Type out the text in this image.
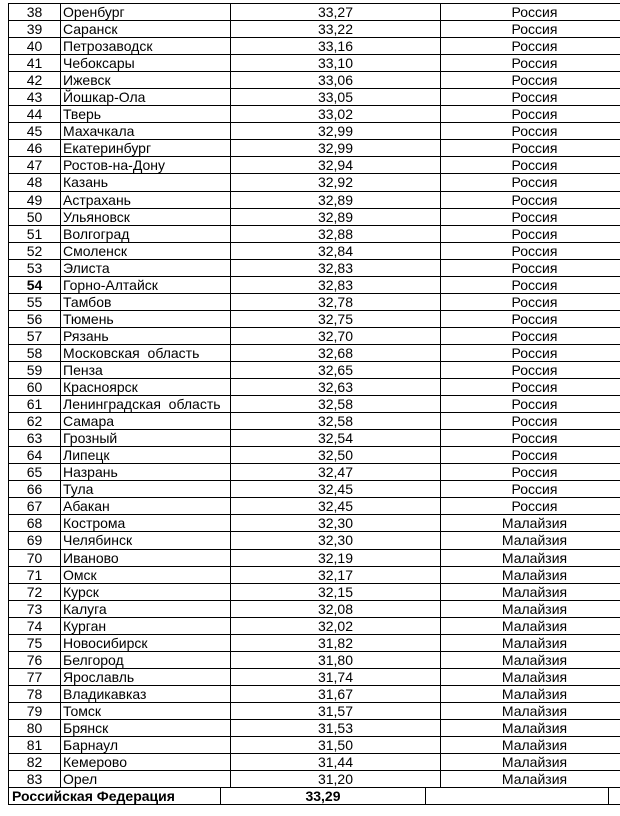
38	Оренбург	33,27	Россия
39	Саранск	33,22	Россия
40	Петрозаводск	33,16	Россия
41	Чебоксары	33,10	Россия
42	Ижевск	33,06	Россия
43	Йошкар-Ола	33,05	Россия
44	Тверь	33,02	Россия
45	Махачкала	32,99	Россия
46	Екатеринбург	32,99	Россия
47	Ростов-на-Дону	32,94	Россия
48	Казань	32,92	Россия
49	Астрахань	32,89	Россия
50	Ульяновск	32,89	Россия
51	Волгоград	32,88	Россия
52	Смоленск	32,84	Россия
53	Элиста	32,83	Россия
54	Горно-Алтайск	32,83	Россия
55	Тамбов	32,78	Россия
56	Тюмень	32,75	Россия
57	Рязань	32,70	Россия
58	Московская  область	32,68	Россия
59	Пенза	32,65	Россия
60	Красноярск	32,63	Россия
61	Ленинградская  область	32,58	Россия
62	Самара	32,58	Россия
63	Грозный	32,54	Россия
64	Липецк	32,50	Россия
65	Назрань	32,47	Россия
66	Тула	32,45	Россия
67	Абакан	32,45	Россия
68	Кострома	32,30	Малайзия
69	Челябинск	32,30	Малайзия
70	Иваново	32,19	Малайзия
71	Омск	32,17	Малайзия
72	Курск	32,15	Малайзия
73	Калуга	32,08	Малайзия
74	Курган	32,02	Малайзия
75	Новосибирск	31,82	Малайзия
76	Белгород	31,80	Малайзия
77	Ярославль	31,74	Малайзия
78	Владикавказ	31,67	Малайзия
79	Томск	31,57	Малайзия
80	Брянск	31,53	Малайзия
81	Барнаул	31,50	Малайзия
82	Кемерово	31,44	Малайзия
83	Орел	31,20	Малайзия
Российская Федерация	33,29
